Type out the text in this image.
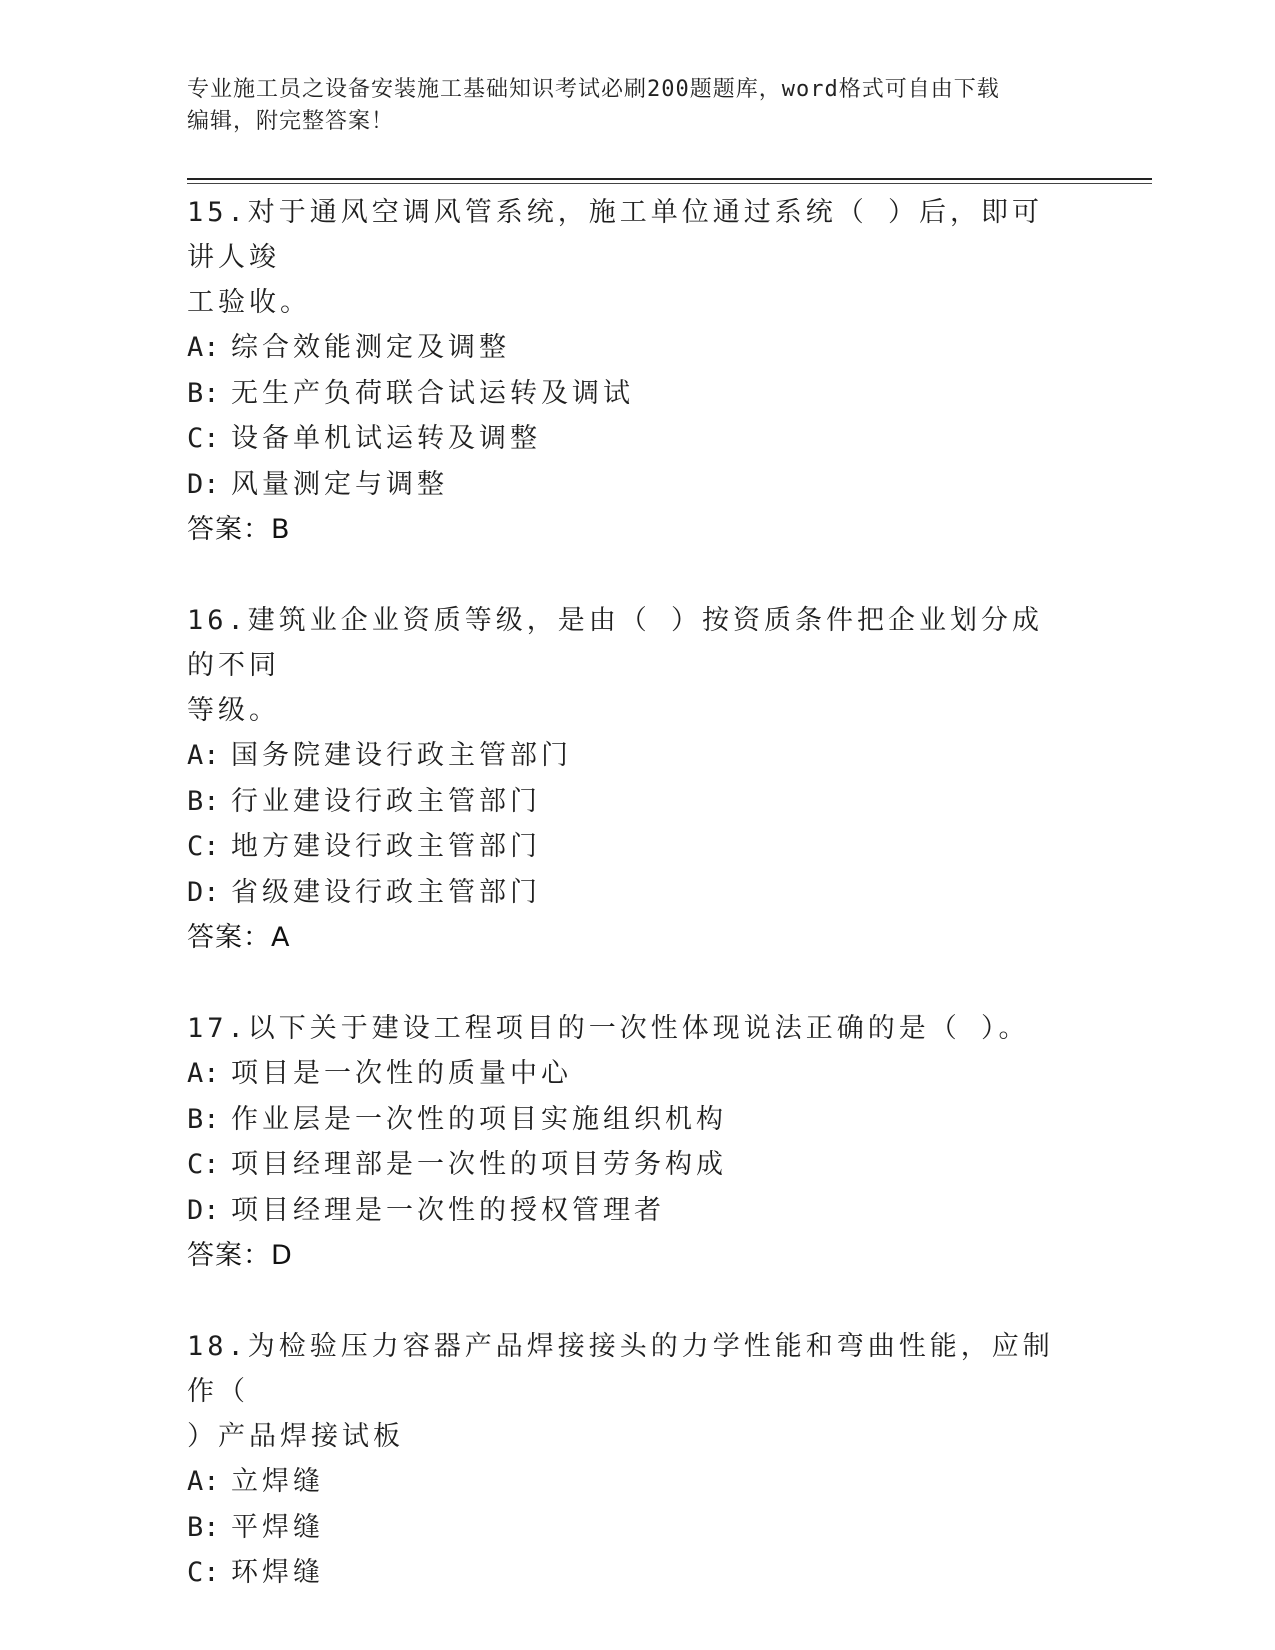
专业施工员之设备安装施工基础知识考试必刷200题题库，word格式可自由下载
编辑，附完整答案！
15.对于通风空调风管系统，施工单位通过系统（ ）后，即可讲人竣
工验收。
A: 综合效能测定及调整
B: 无生产负荷联合试运转及调试
C: 设备单机试运转及调整
D: 风量测定与调整
答案：B
16.建筑业企业资质等级，是由（ ）按资质条件把企业划分成的不同
等级。
A: 国务院建设行政主管部门
B: 行业建设行政主管部门
C: 地方建设行政主管部门
D: 省级建设行政主管部门
答案：A
17.以下关于建设工程项目的一次性体现说法正确的是（ ）。
A: 项目是一次性的质量中心
B: 作业层是一次性的项目实施组织机构
C: 项目经理部是一次性的项目劳务构成
D: 项目经理是一次性的授权管理者
答案：D
18.为检验压力容器产品焊接接头的力学性能和弯曲性能，应制作（
）产品焊接试板
A: 立焊缝
B: 平焊缝
C: 环焊缝
